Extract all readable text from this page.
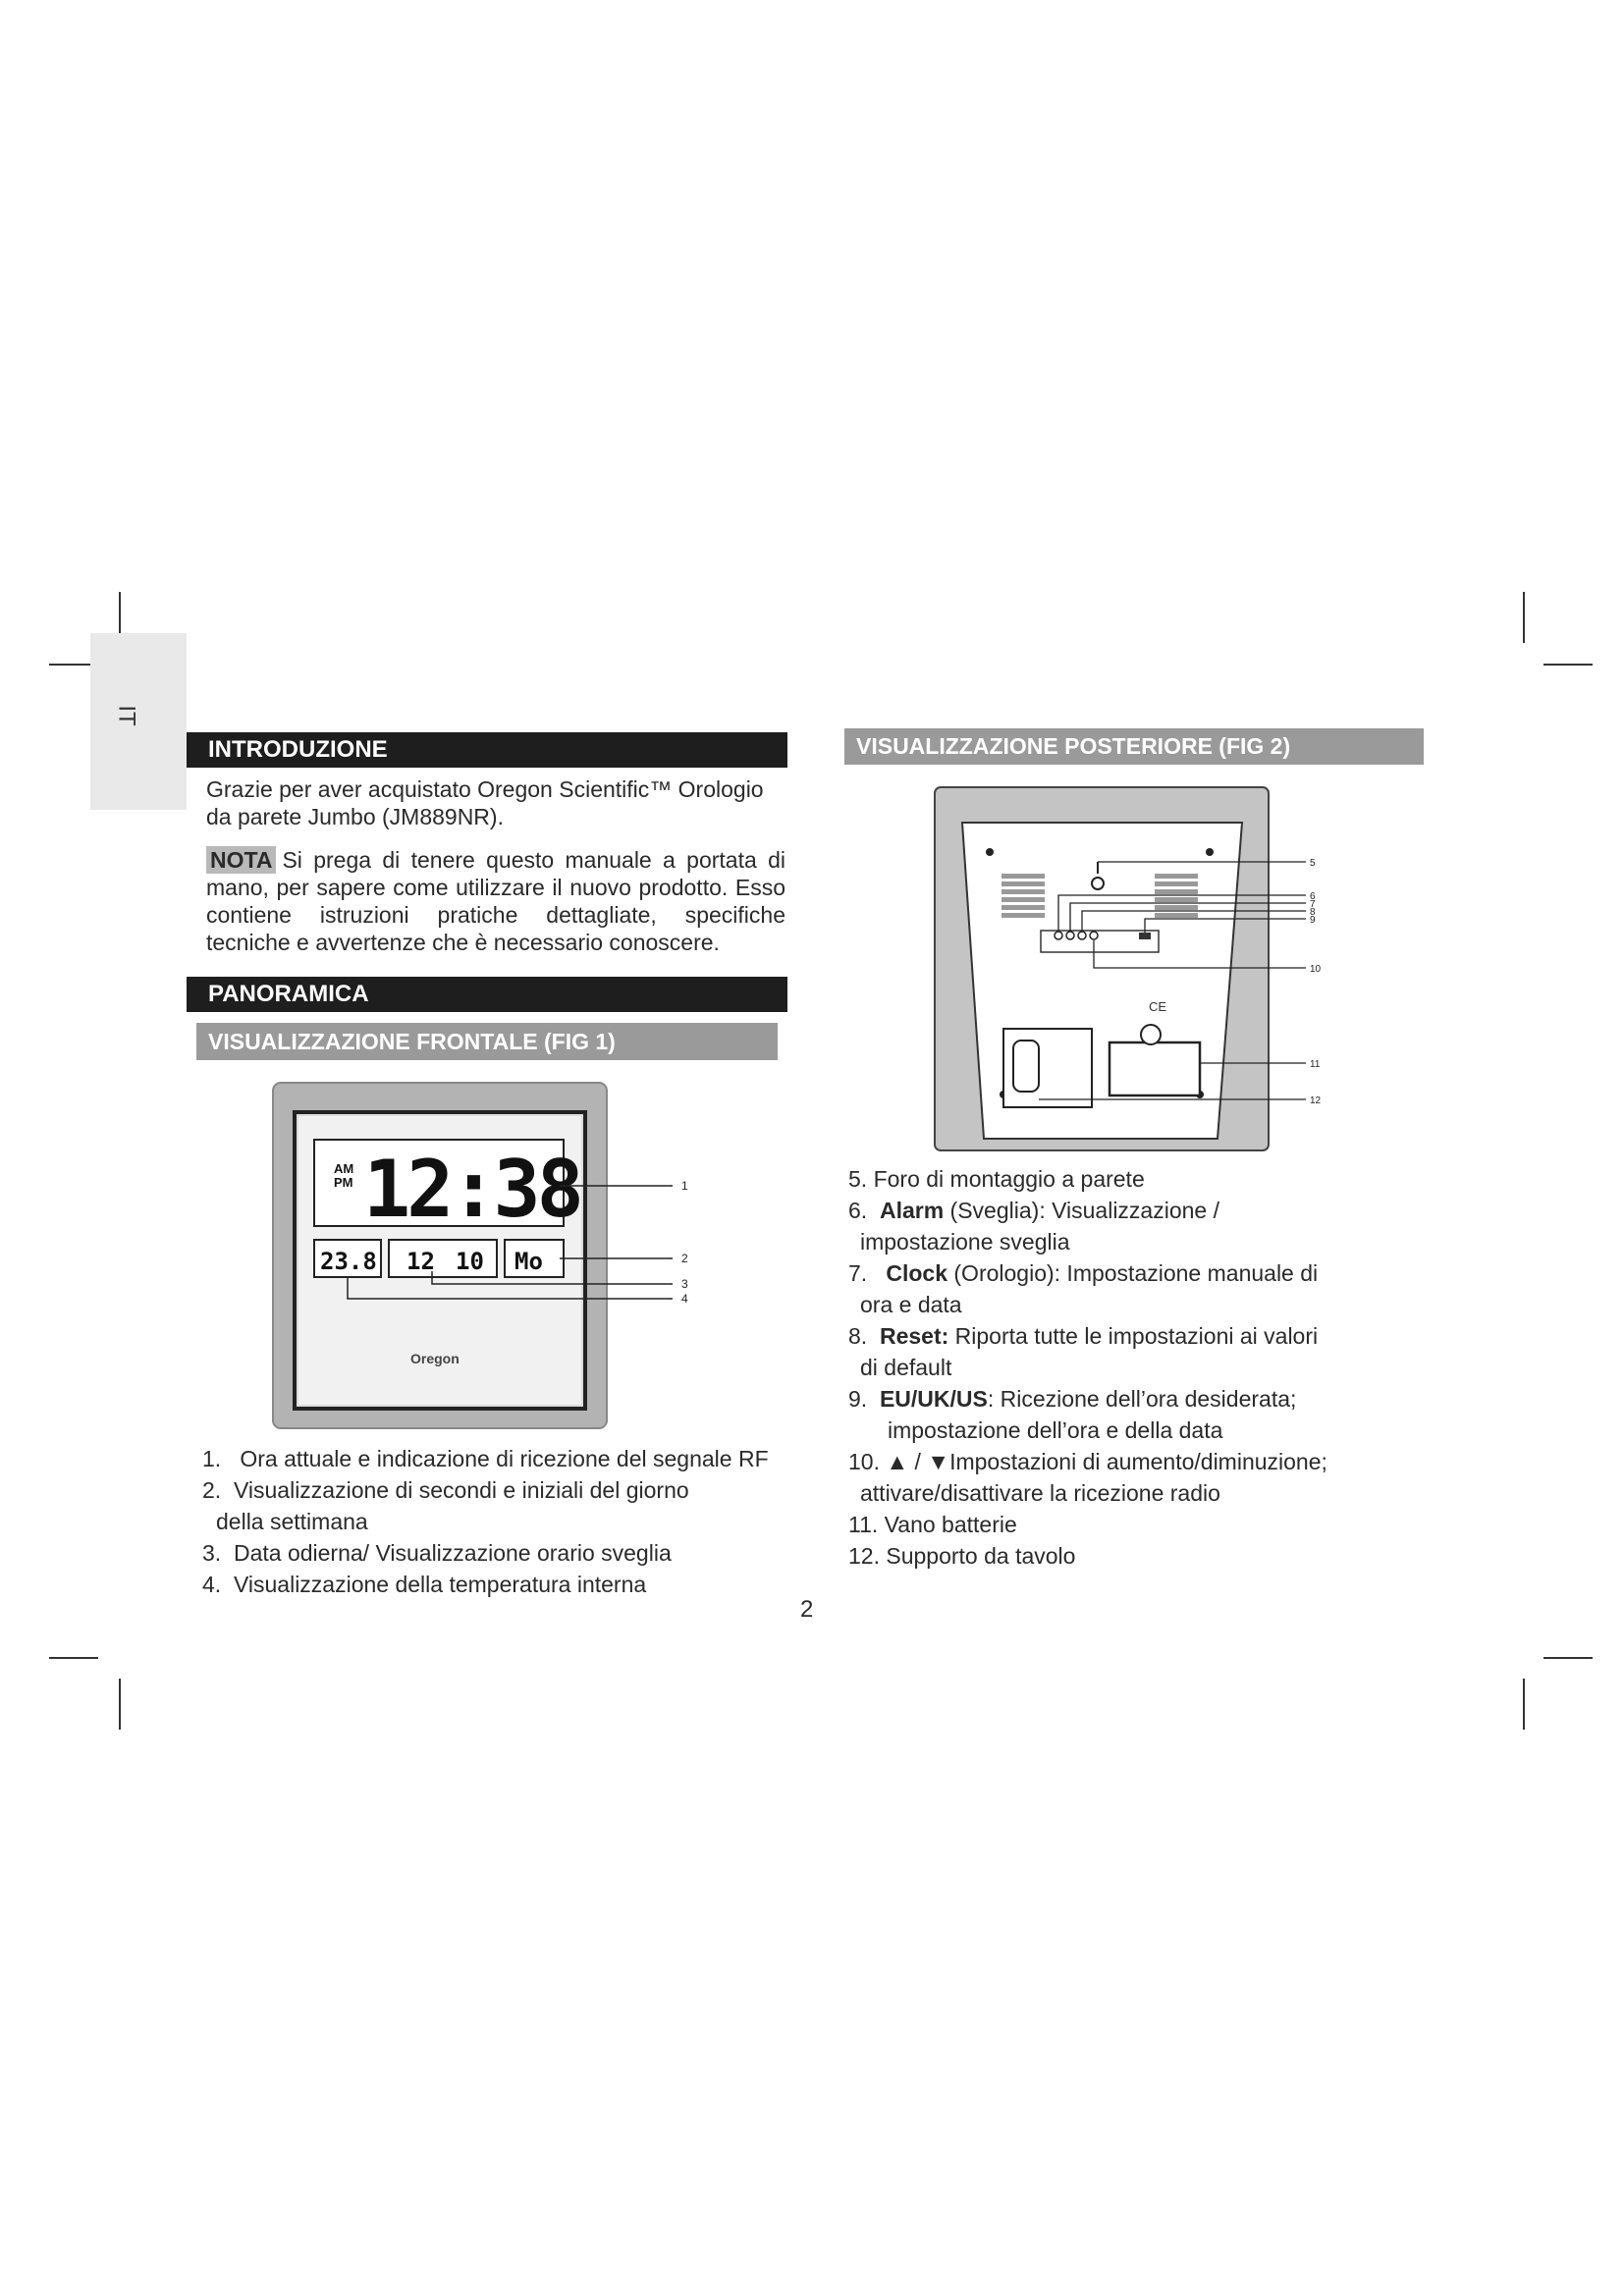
IT
INTRODUZIONE
Grazie per aver acquistato Oregon Scientific™ Orologio
da parete Jumbo (JM889NR).
NOTA Si prega di tenere questo manuale a portata di mano, per sapere come utilizzare il nuovo prodotto. Esso contiene istruzioni pratiche dettagliate, specifiche tecniche e avvertenze che è necessario conoscere.
PANORAMICA
VISUALIZZAZIONE FRONTALE (FIG 1)
AM
PM 12:38
23.8 12 10 Mo
Oregon
1
2
3
4
1. Ora attuale e indicazione di ricezione del segnale RF
2. Visualizzazione di secondi e iniziali del giorno
della settimana
3. Data odierna/ Visualizzazione orario sveglia
4. Visualizzazione della temperatura interna
VISUALIZZAZIONE POSTERIORE (FIG 2)
CE
5
6
7
8
9
10
11
12
5. Foro di montaggio a parete
6. Alarm (Sveglia): Visualizzazione /
impostazione sveglia
7. Clock (Orologio): Impostazione manuale di
ora e data
8. Reset: Riporta tutte le impostazioni ai valori
di default
9. EU/UK/US: Ricezione dell’ora desiderata;
impostazione dell’ora e della data
10. ▲ / ▼Impostazioni di aumento/diminuzione;
attivare/disattivare la ricezione radio
11. Vano batterie
12. Supporto da tavolo
2
